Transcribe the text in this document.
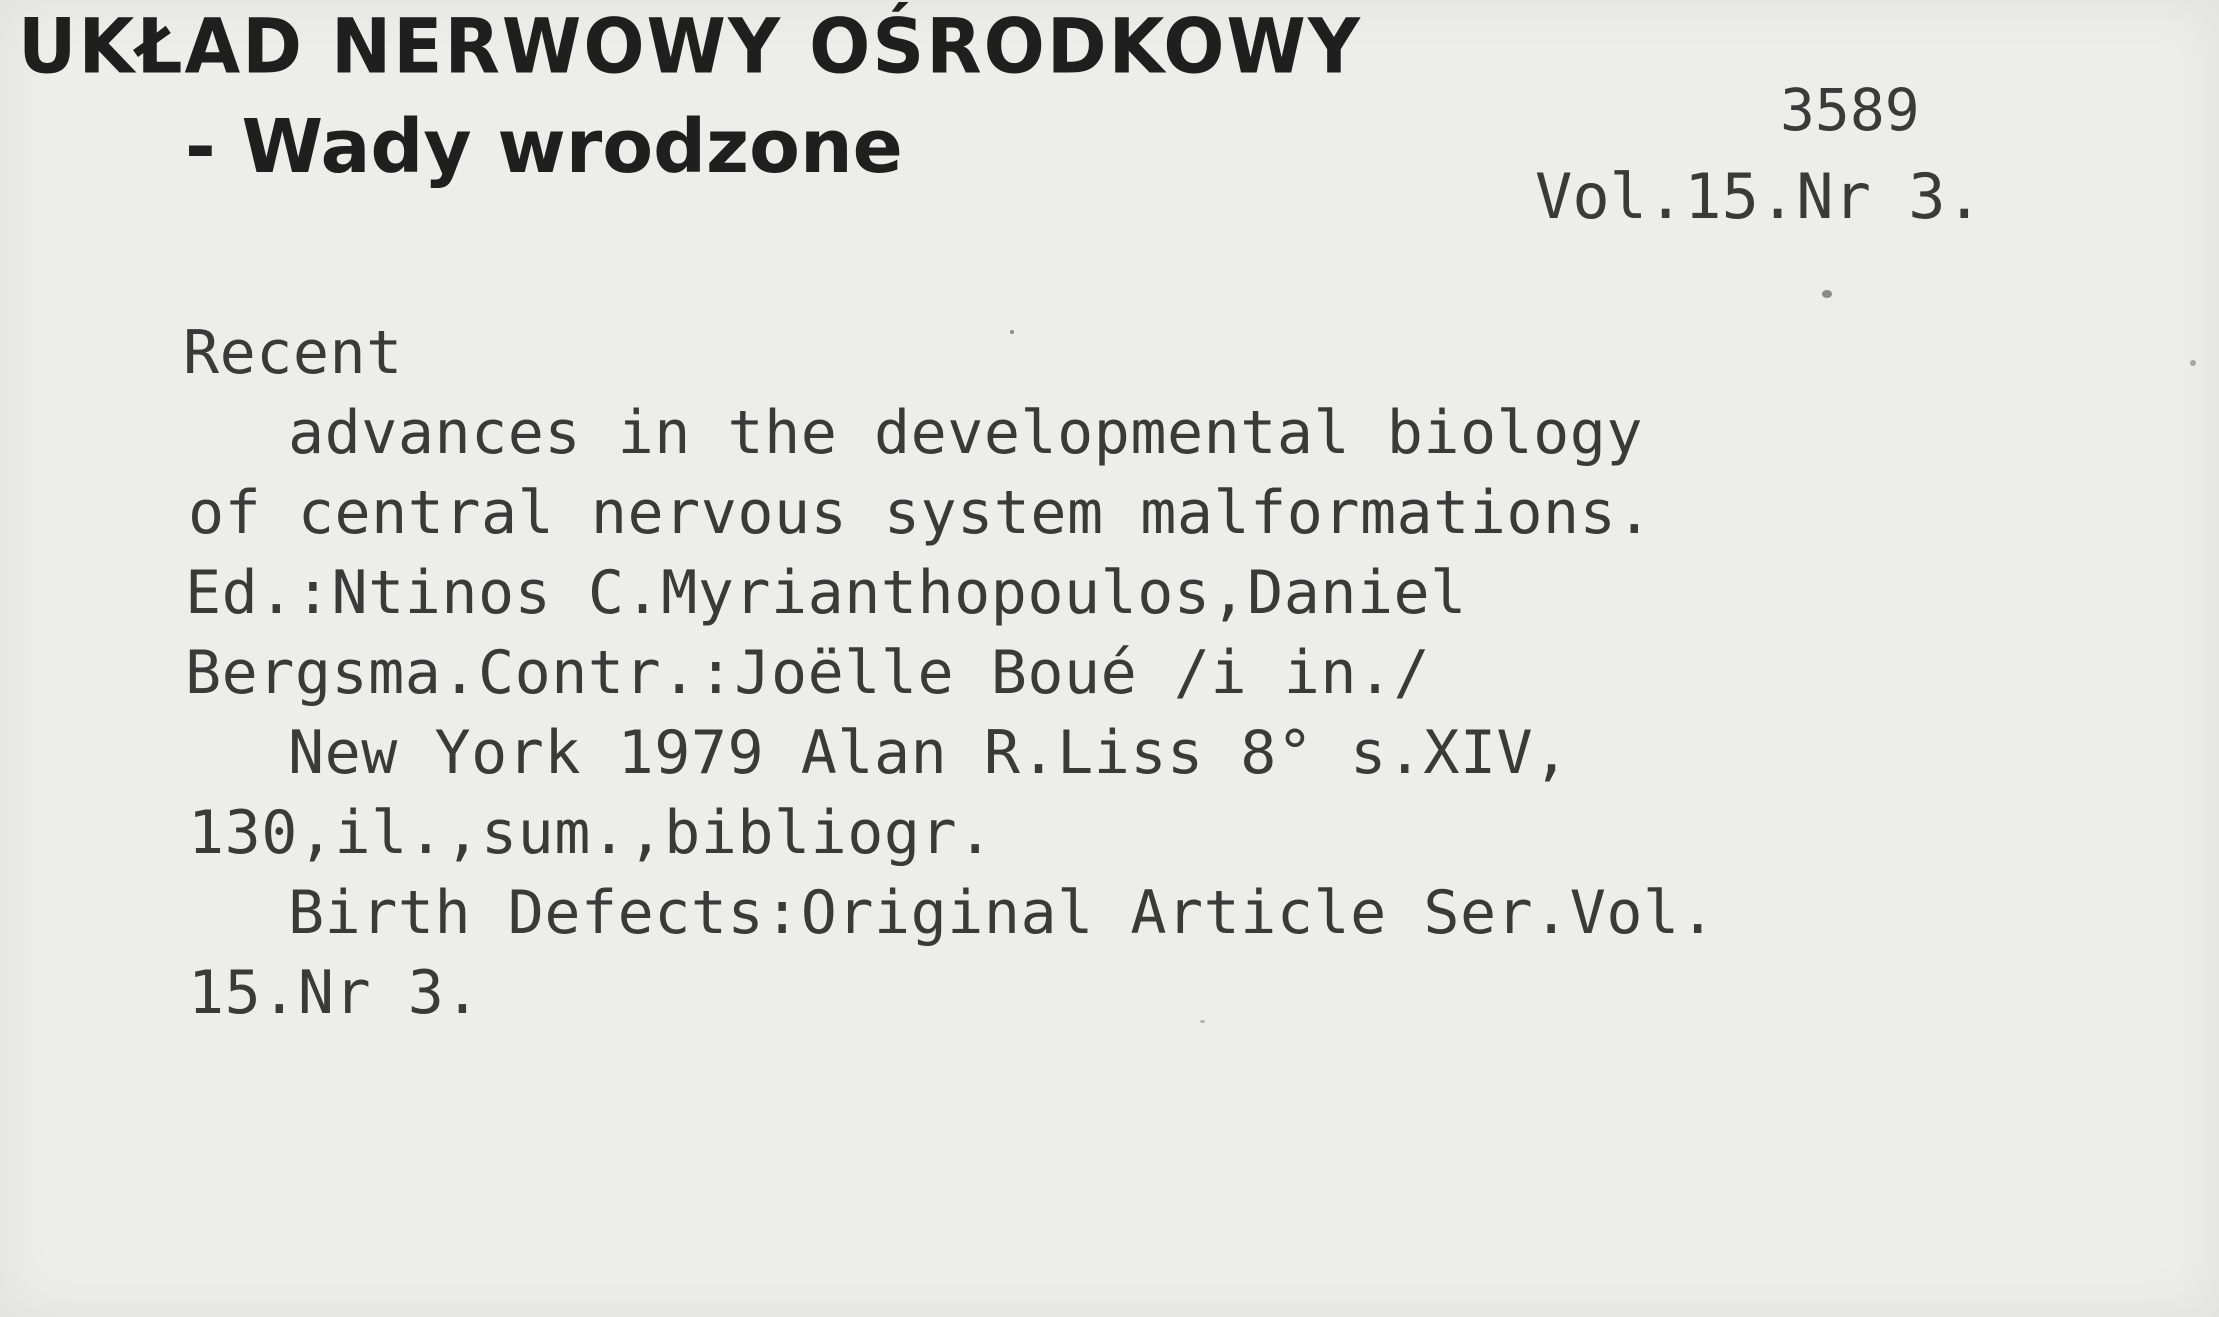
UKŁAD NERWOWY OŚRODKOWY
- Wady wrodzone	3589
Vol.15.Nr 3.
Recent
advances in the developmental biology
of central nervous system malformations.
Ed.:Ntinos C.Myrianthopoulos,Daniel
Bergsma.Contr.:Joëlle Boué /i in./
New York 1979 Alan R.Liss 8° s.XIV,
130,il.,sum.,bibliogr.
Birth Defects:Original Article Ser.Vol.
15.Nr 3.
